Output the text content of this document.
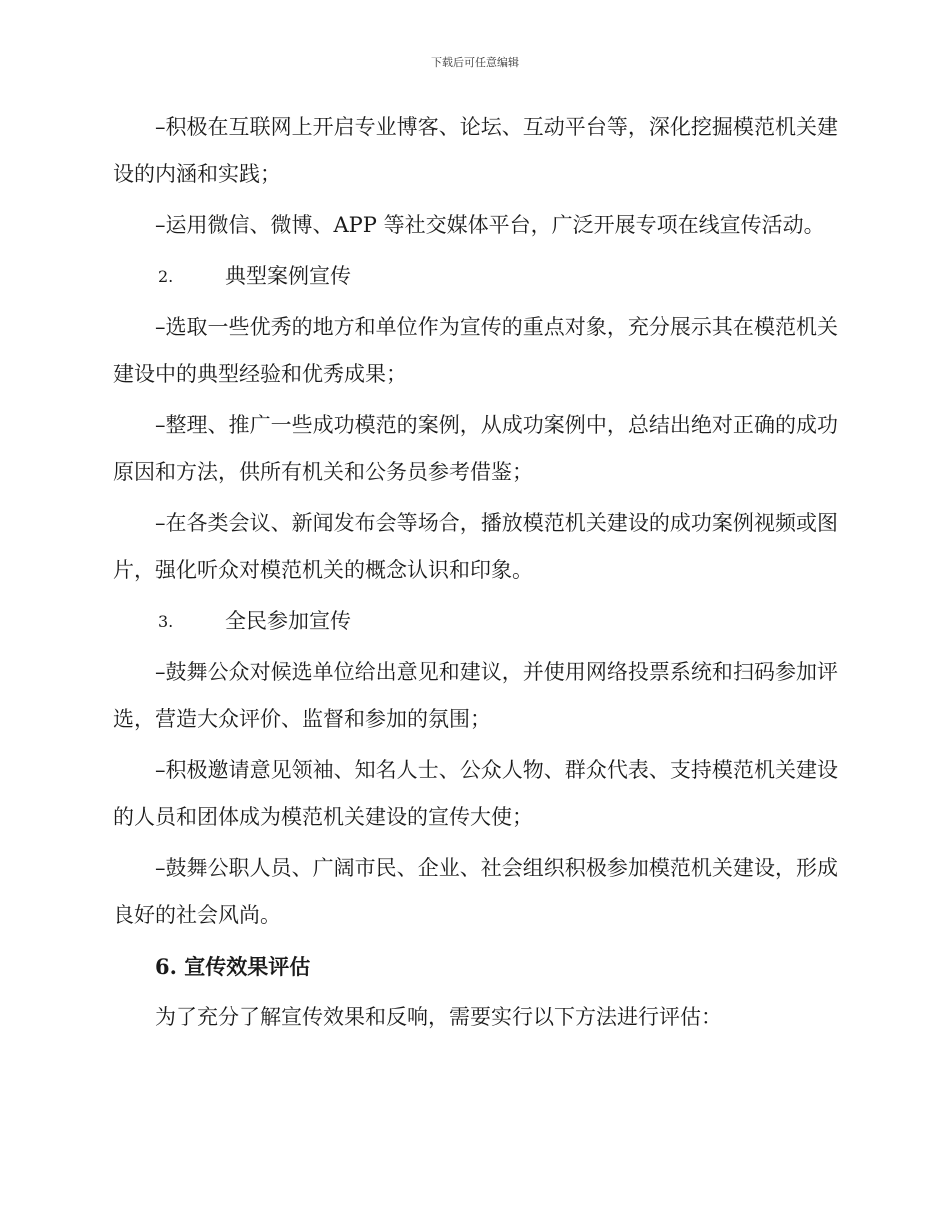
下载后可任意编辑

–积极在互联网上开启专业博客、论坛、互动平台等，深化挖掘模范机关建设的内涵和实践；

–运用微信、微博、APP 等社交媒体平台，广泛开展专项在线宣传活动。

2.	典型案例宣传

–选取一些优秀的地方和单位作为宣传的重点对象，充分展示其在模范机关建设中的典型经验和优秀成果；

–整理、推广一些成功模范的案例，从成功案例中，总结出绝对正确的成功原因和方法，供所有机关和公务员参考借鉴；

–在各类会议、新闻发布会等场合，播放模范机关建设的成功案例视频或图片，强化听众对模范机关的概念认识和印象。

3.	全民参加宣传

–鼓舞公众对候选单位给出意见和建议，并使用网络投票系统和扫码参加评选，营造大众评价、监督和参加的氛围；

–积极邀请意见领袖、知名人士、公众人物、群众代表、支持模范机关建设的人员和团体成为模范机关建设的宣传大使；

–鼓舞公职人员、广阔市民、企业、社会组织积极参加模范机关建设，形成良好的社会风尚。

6. 宣传效果评估

为了充分了解宣传效果和反响，需要实行以下方法进行评估：
